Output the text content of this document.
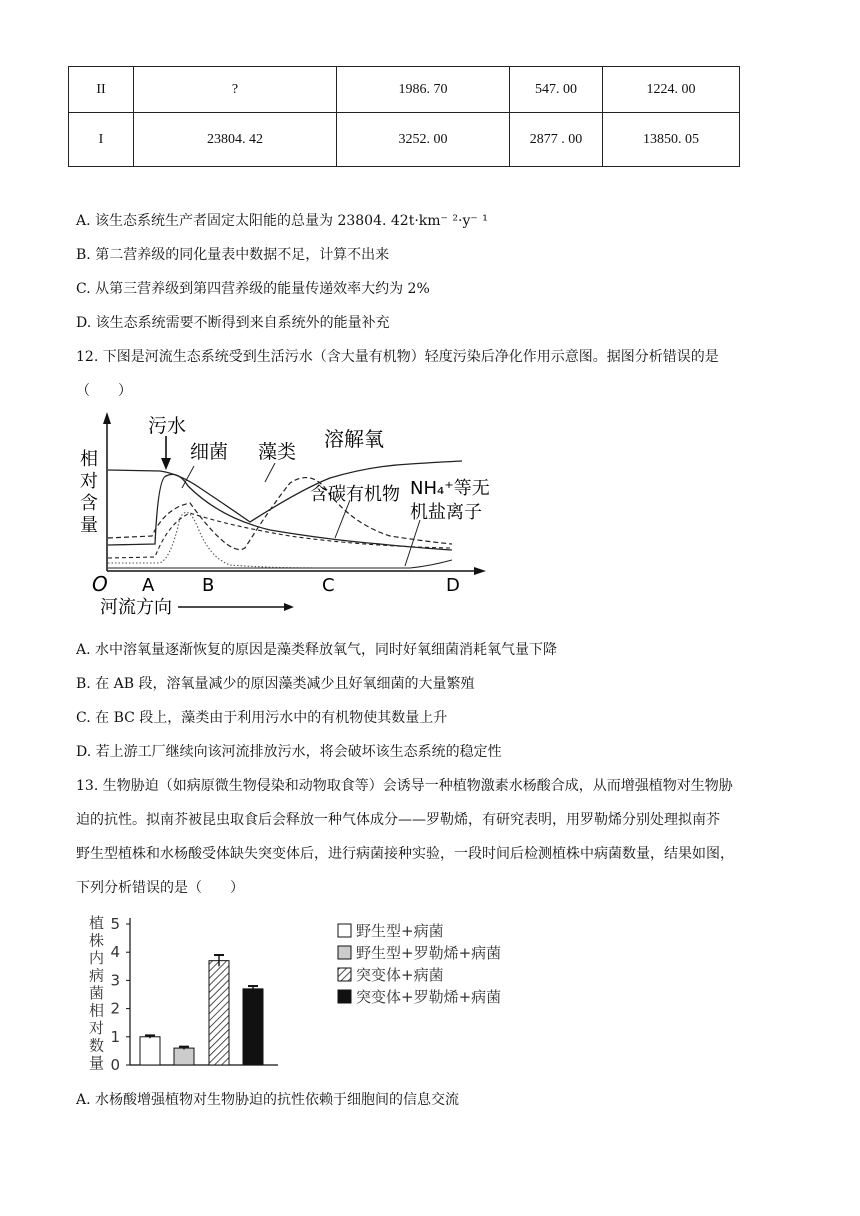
II	?	1986. 70	547. 00	1224. 00
I	23804. 42	3252. 00	2877 . 00	13850. 05
A. 该生态系统生产者固定太阳能的总量为 23804. 42t·km⁻ ²·y⁻ ¹
B. 第二营养级的同化量表中数据不足，计算不出来
C. 从第三营养级到第四营养级的能量传递效率大约为 2%
D. 该生态系统需要不断得到来自系统外的能量补充
12. 下图是河流生态系统受到生活污水（含大量有机物）轻度污染后净化作用示意图。据图分析错误的是
（　　）
污水
细菌 藻类
溶解氧
含碳有机物 NH₄⁺等无
机盐离子
相
对
含
量
O A	B	C	D
河流方向
A. 水中溶氧量逐渐恢复的原因是藻类释放氧气，同时好氧细菌消耗氧气量下降
B. 在 AB 段，溶氧量减少的原因藻类减少且好氧细菌的大量繁殖
C. 在 BC 段上，藻类由于利用污水中的有机物使其数量上升
D. 若上游工厂继续向该河流排放污水，将会破坏该生态系统的稳定性
13. 生物胁迫（如病原微生物侵染和动物取食等）会诱导一种植物激素水杨酸合成，从而增强植物对生物胁
迫的抗性。拟南芥被昆虫取食后会释放一种气体成分——罗勒烯，有研究表明，用罗勒烯分别处理拟南芥
野生型植株和水杨酸受体缺失突变体后，进行病菌接种实验，一段时间后检测植株中病菌数量，结果如图，
下列分析错误的是（　　）
植
株
内
病
菌
相
对
数
量 0
1
2
3
4
5	野生型+病菌
野生型+罗勒烯+病菌
突变体+病菌
突变体+罗勒烯+病菌
A. 水杨酸增强植物对生物胁迫的抗性依赖于细胞间的信息交流
